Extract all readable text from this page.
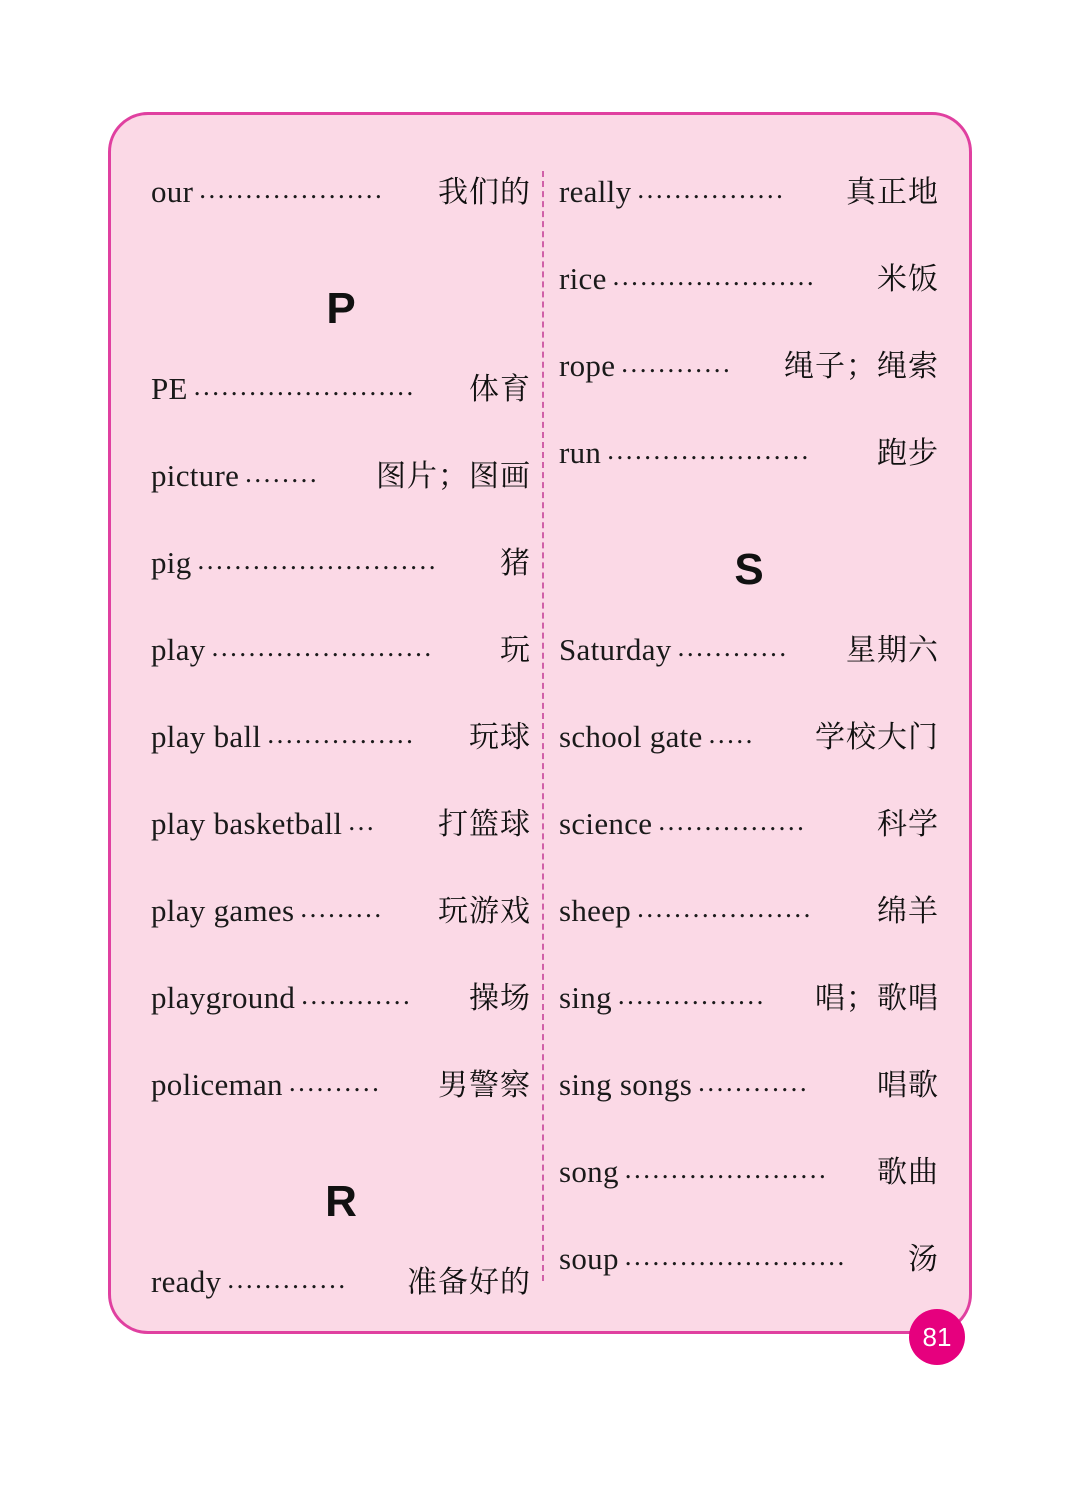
our ....................	我们的
P
PE ........................	体育
picture ........	图片；图画
pig ..........................	猪
play ........................	玩
play ball ................	玩球
play basketball ...	打篮球
play games .........	玩游戏
playground ............	操场
policeman ..........	男警察
R
ready .............	准备好的
really ................	真正地
rice ......................	米饭
rope ............	绳子；绳索
run ......................	跑步
S
Saturday ............	星期六
school gate .....	学校大门
science ................	科学
sheep ...................	绵羊
sing ................	唱；歌唱
sing songs ............	唱歌
song ......................	歌曲
soup ........................	汤
81
